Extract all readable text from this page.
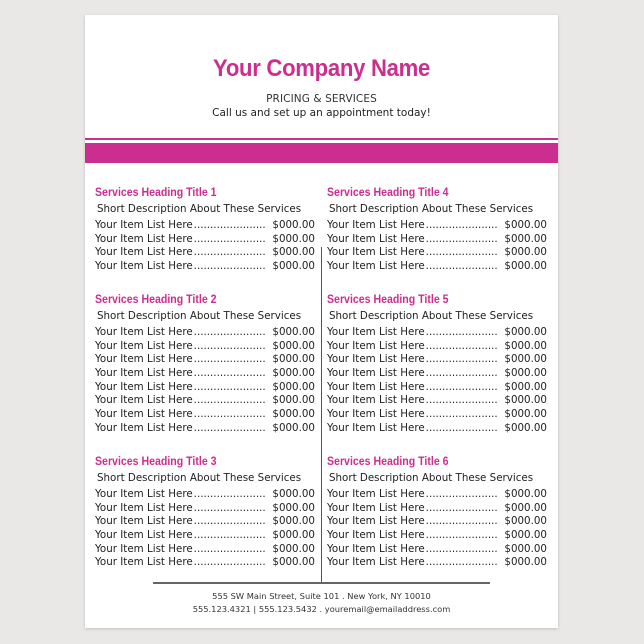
Your Company Name
PRICING & SERVICES
Call us and set up an appointment today!
Services Heading Title 1
Short Description About These Services
Your Item List Here ...................... $000.00
Your Item List Here ...................... $000.00
Your Item List Here ...................... $000.00
Your Item List Here ...................... $000.00
Services Heading Title 2
Short Description About These Services
Your Item List Here ...................... $000.00
Your Item List Here ...................... $000.00
Your Item List Here ...................... $000.00
Your Item List Here ...................... $000.00
Your Item List Here ...................... $000.00
Your Item List Here ...................... $000.00
Your Item List Here ...................... $000.00
Your Item List Here ...................... $000.00
Services Heading Title 3
Short Description About These Services
Your Item List Here ...................... $000.00
Your Item List Here ...................... $000.00
Your Item List Here ...................... $000.00
Your Item List Here ...................... $000.00
Your Item List Here ...................... $000.00
Your Item List Here ...................... $000.00
Services Heading Title 4
Short Description About These Services
Your Item List Here ...................... $000.00
Your Item List Here ...................... $000.00
Your Item List Here ...................... $000.00
Your Item List Here ...................... $000.00
Services Heading Title 5
Short Description About These Services
Your Item List Here ...................... $000.00
Your Item List Here ...................... $000.00
Your Item List Here ...................... $000.00
Your Item List Here ...................... $000.00
Your Item List Here ...................... $000.00
Your Item List Here ...................... $000.00
Your Item List Here ...................... $000.00
Your Item List Here ...................... $000.00
Services Heading Title 6
Short Description About These Services
Your Item List Here ...................... $000.00
Your Item List Here ...................... $000.00
Your Item List Here ...................... $000.00
Your Item List Here ...................... $000.00
Your Item List Here ...................... $000.00
Your Item List Here ...................... $000.00
555 SW Main Street, Suite 101 . New York, NY 10010
555.123.4321 | 555.123.5432 . youremail@emailaddress.com
